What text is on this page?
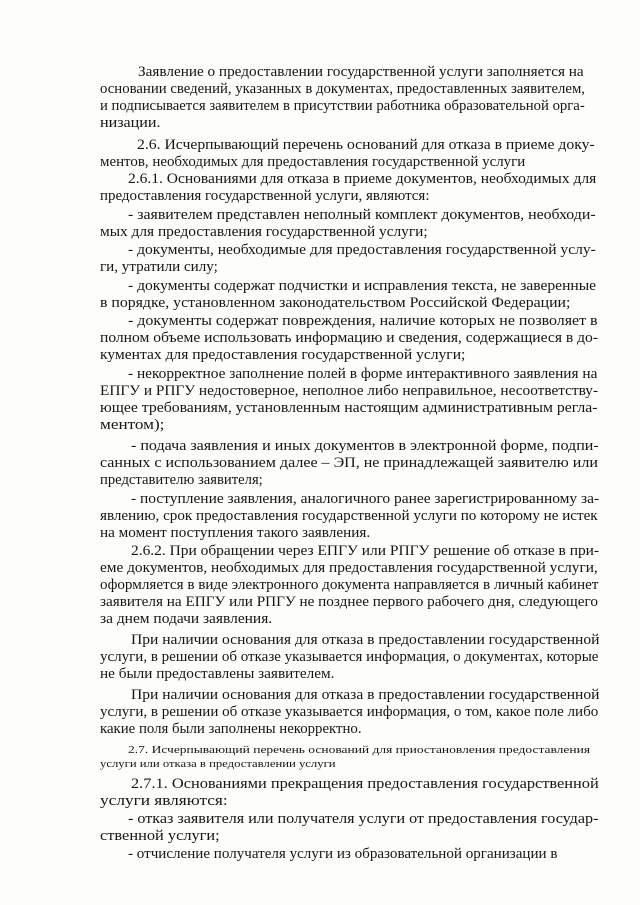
Заявление о предоставлении государственной услуги заполняется на

основании сведений, указанных в документах, предоставленных заявителем,

и подписывается заявителем в присутствии работника образовательной орга-

низации.

2.6. Исчерпывающий перечень оснований для отказа в приеме доку-

ментов, необходимых для предоставления государственной услуги

2.6.1. Основаниями для отказа в приеме документов, необходимых для

предоставления государственной услуги, являются:

- заявителем представлен неполный комплект документов, необходи-

мых для предоставления государственной услуги;

- документы, необходимые для предоставления государственной услу-

ги, утратили силу;

- документы содержат подчистки и исправления текста, не заверенные

в порядке, установленном законодательством Российской Федерации;

- документы содержат повреждения, наличие которых не позволяет в

полном объеме использовать информацию и сведения, содержащиеся в до-

кументах для предоставления государственной услуги;

- некорректное заполнение полей в форме интерактивного заявления на

ЕПГУ и РПГУ недостоверное, неполное либо неправильное, несоответству-

ющее требованиям, установленным настоящим административным регла-

ментом);

- подача заявления и иных документов в электронной форме, подпи-

санных с использованием далее – ЭП, не принадлежащей заявителю или

представителю заявителя;

- поступление заявления, аналогичного ранее зарегистрированному за-

явлению, срок предоставления государственной услуги по которому не истек

на момент поступления такого заявления.

2.6.2. При обращении через ЕПГУ или РПГУ решение об отказе в при-

еме документов, необходимых для предоставления государственной услуги,

оформляется в виде электронного документа направляется в личный кабинет

заявителя на ЕПГУ или РПГУ не позднее первого рабочего дня, следующего

за днем подачи заявления.

При наличии основания для отказа в предоставлении государственной

услуги, в решении об отказе указывается информация, о документах, которые

не были предоставлены заявителем.

При наличии основания для отказа в предоставлении государственной

услуги, в решении об отказе указывается информация, о том, какое поле либо

какие поля были заполнены некорректно.

2.7. Исчерпывающий перечень оснований для приостановления предоставления

услуги или отказа в предоставлении услуги

2.7.1. Основаниями прекращения предоставления государственной

услуги являются:

- отказ заявителя или получателя услуги от предоставления государ-

ственной услуги;

- отчисление получателя услуги из образовательной организации в
